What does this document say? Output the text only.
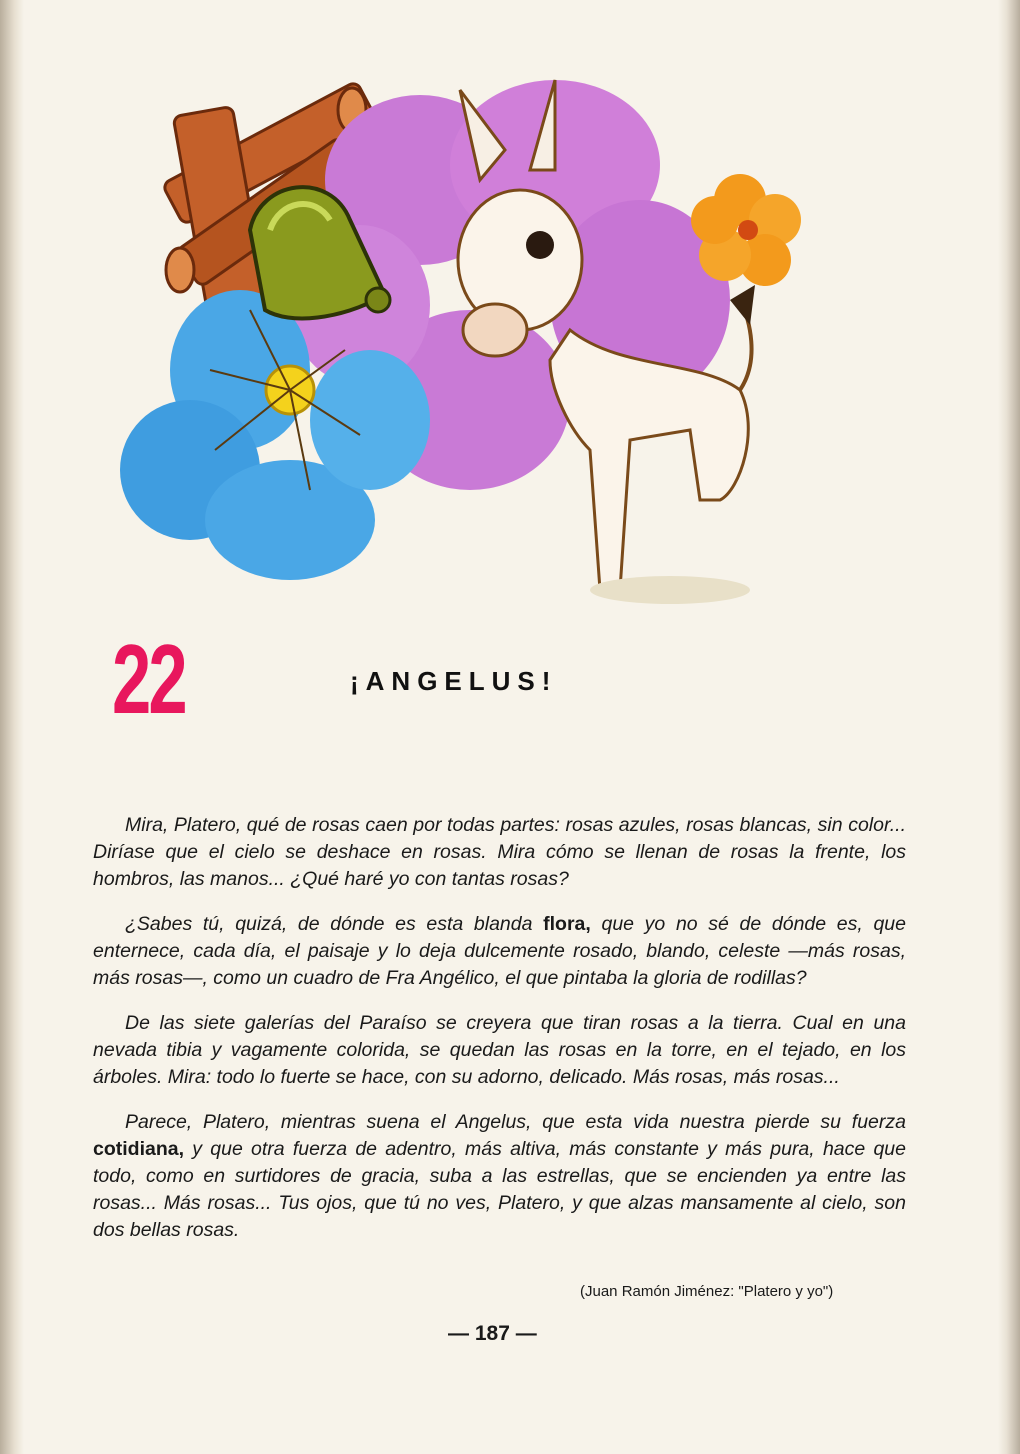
22	¡ANGELUS!

Mira, Platero, qué de rosas caen por todas partes: rosas azules, rosas blancas, sin color... Diríase que el cielo se deshace en rosas. Mira cómo se llenan de rosas la frente, los hombros, las manos... ¿Qué haré yo con tantas rosas?

¿Sabes tú, quizá, de dónde es esta blanda flora, que yo no sé de dónde es, que enternece, cada día, el paisaje y lo deja dulcemente rosado, blando, celeste —más rosas, más rosas—, como un cuadro de Fra Angélico, el que pintaba la gloria de rodillas?

De las siete galerías del Paraíso se creyera que tiran rosas a la tierra. Cual en una nevada tibia y vagamente colorida, se quedan las rosas en la torre, en el tejado, en los árboles. Mira: todo lo fuerte se hace, con su adorno, delicado. Más rosas, más rosas...

Parece, Platero, mientras suena el Angelus, que esta vida nuestra pierde su fuerza cotidiana, y que otra fuerza de adentro, más altiva, más constante y más pura, hace que todo, como en surtidores de gracia, suba a las estrellas, que se encienden ya entre las rosas... Más rosas... Tus ojos, que tú no ves, Platero, y que alzas mansamente al cielo, son dos bellas rosas.

(Juan Ramón Jiménez: "Platero y yo")
— 187 —
